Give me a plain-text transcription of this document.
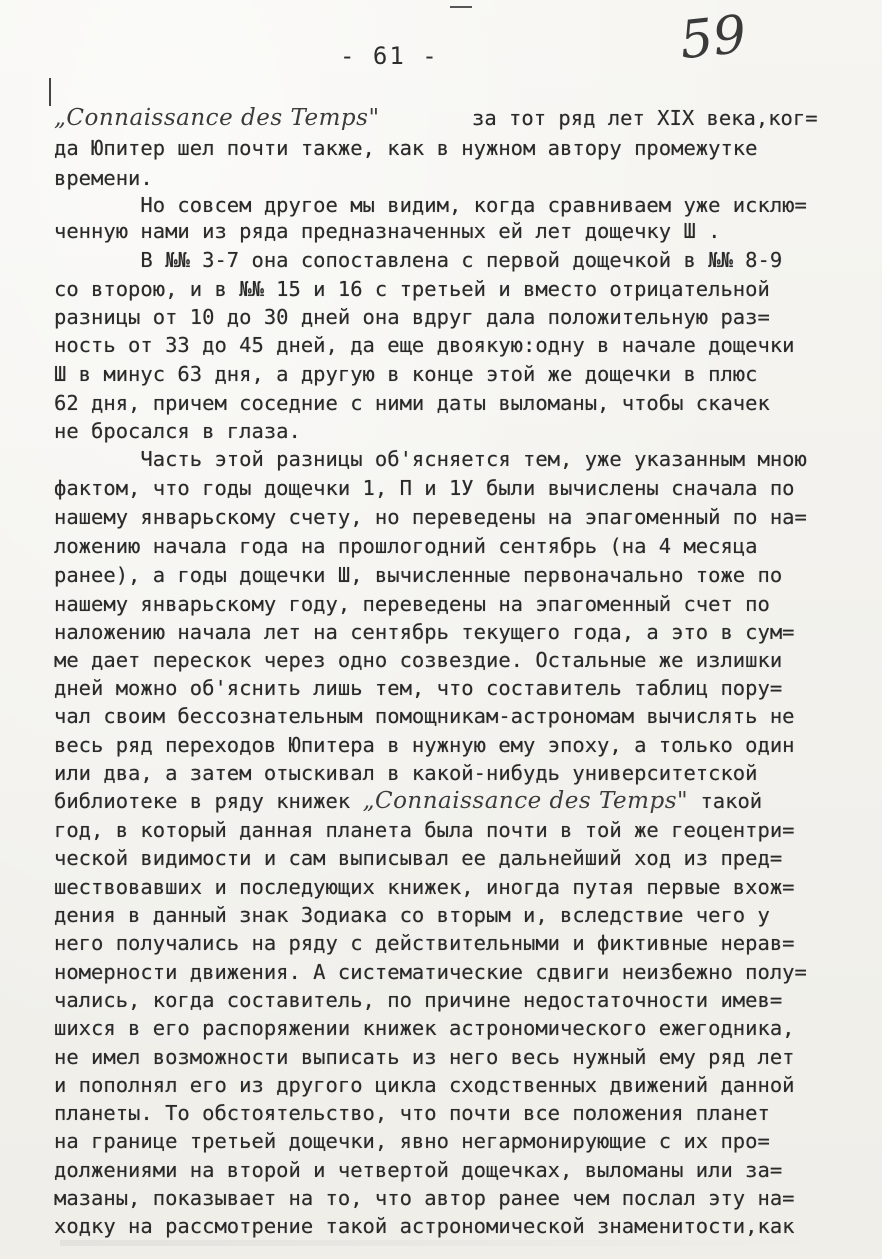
- 61 -	59
„Connaissance des Temps"	за тот ряд лет XIX века,ког=
да Юпитер шел почти также, как в нужном автору промежутке
времени.
Но совсем другое мы видим, когда сравниваем уже исклю=
ченную нами из ряда предназначенных ей лет дощечку Ш .
В №№ 3-7 она сопоставлена с первой дощечкой в №№ 8-9
со второю, и в №№ 15 и 16 с третьей и вместо отрицательной
разницы от 10 до 30 дней она вдруг дала положительную раз=
ность от 33 до 45 дней, да еще двоякую:одну в начале дощечки
Ш в минус 63 дня, а другую в конце этой же дощечки в плюс
62 дня, причем соседние с ними даты выломаны, чтобы скачек
не бросался в глаза.
Часть этой разницы об'ясняется тем, уже указанным мною
фактом, что годы дощечки 1, П и 1У были вычислены сначала по
нашему январьскому счету, но переведены на эпагоменный по на=
ложению начала года на прошлогодний сентябрь (на 4 месяца
ранее), а годы дощечки Ш, вычисленные первоначально тоже по
нашему январьскому году, переведены на эпагоменный счет по
наложению начала лет на сентябрь текущего года, а это в сум=
ме дает перескок через одно созвездие. Остальные же излишки
дней можно об'яснить лишь тем, что составитель таблиц пору=
чал своим бессознательным помощникам-астрономам вычислять не
весь ряд переходов Юпитера в нужную ему эпоху, а только один
или два, а затем отыскивал в какой-нибудь университетской
библиотеке в ряду книжек „Connaissance des Temps" такой
год, в который данная планета была почти в той же геоцентри=
ческой видимости и сам выписывал ее дальнейший ход из пред=
шествовавших и последующих книжек, иногда путая первые вхож=
дения в данный знак Зодиака со вторым и, вследствие чего у
него получались на ряду с действительными и фиктивные нерав=
номерности движения. А систематические сдвиги неизбежно полу=
чались, когда составитель, по причине недостаточности имев=
шихся в его распоряжении книжек астрономического ежегодника,
не имел возможности выписать из него весь нужный ему ряд лет
и пополнял его из другого цикла сходственных движений данной
планеты. То обстоятельство, что почти все положения планет
на границе третьей дощечки, явно негармонирующие с их про=
должениями на второй и четвертой дощечках, выломаны или за=
мазаны, показывает на то, что автор ранее чем послал эту на=
ходку на рассмотрение такой астрономической знаменитости,как
